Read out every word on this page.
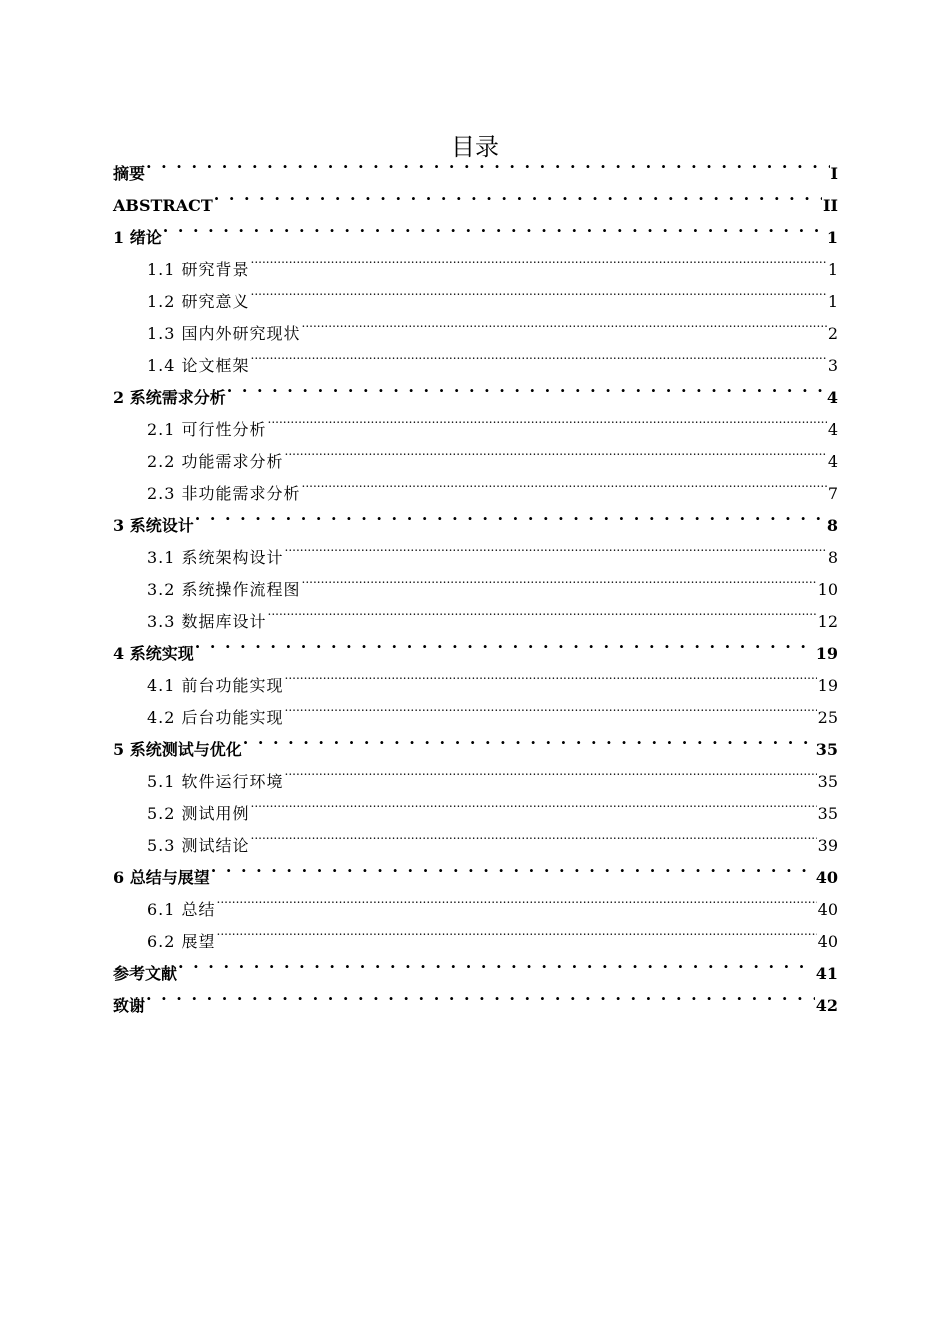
目录
摘要 . . .	I
ABSTRACT . . .	II
1 绪论 . . .	1
1.1 研究背景 .....	1
1.2 研究意义 .....	1
1.3 国内外研究现状 .....	2
1.4 论文框架 .....	3
2 系统需求分析 . . .	4
2.1 可行性分析 .....	4
2.2 功能需求分析 .....	4
2.3 非功能需求分析 .....	7
3 系统设计 . . .	8
3.1 系统架构设计 .....	8
3.2 系统操作流程图 .....	10
3.3 数据库设计 .....	12
4 系统实现 . . .	19
4.1 前台功能实现 .....	19
4.2 后台功能实现 .....	25
5 系统测试与优化 . . .	35
5.1 软件运行环境 .....	35
5.2 测试用例 .....	35
5.3 测试结论 .....	39
6 总结与展望 . . .	40
6.1 总结 .....	40
6.2 展望 .....	40
参考文献 . . .	41
致谢 . . .	42
